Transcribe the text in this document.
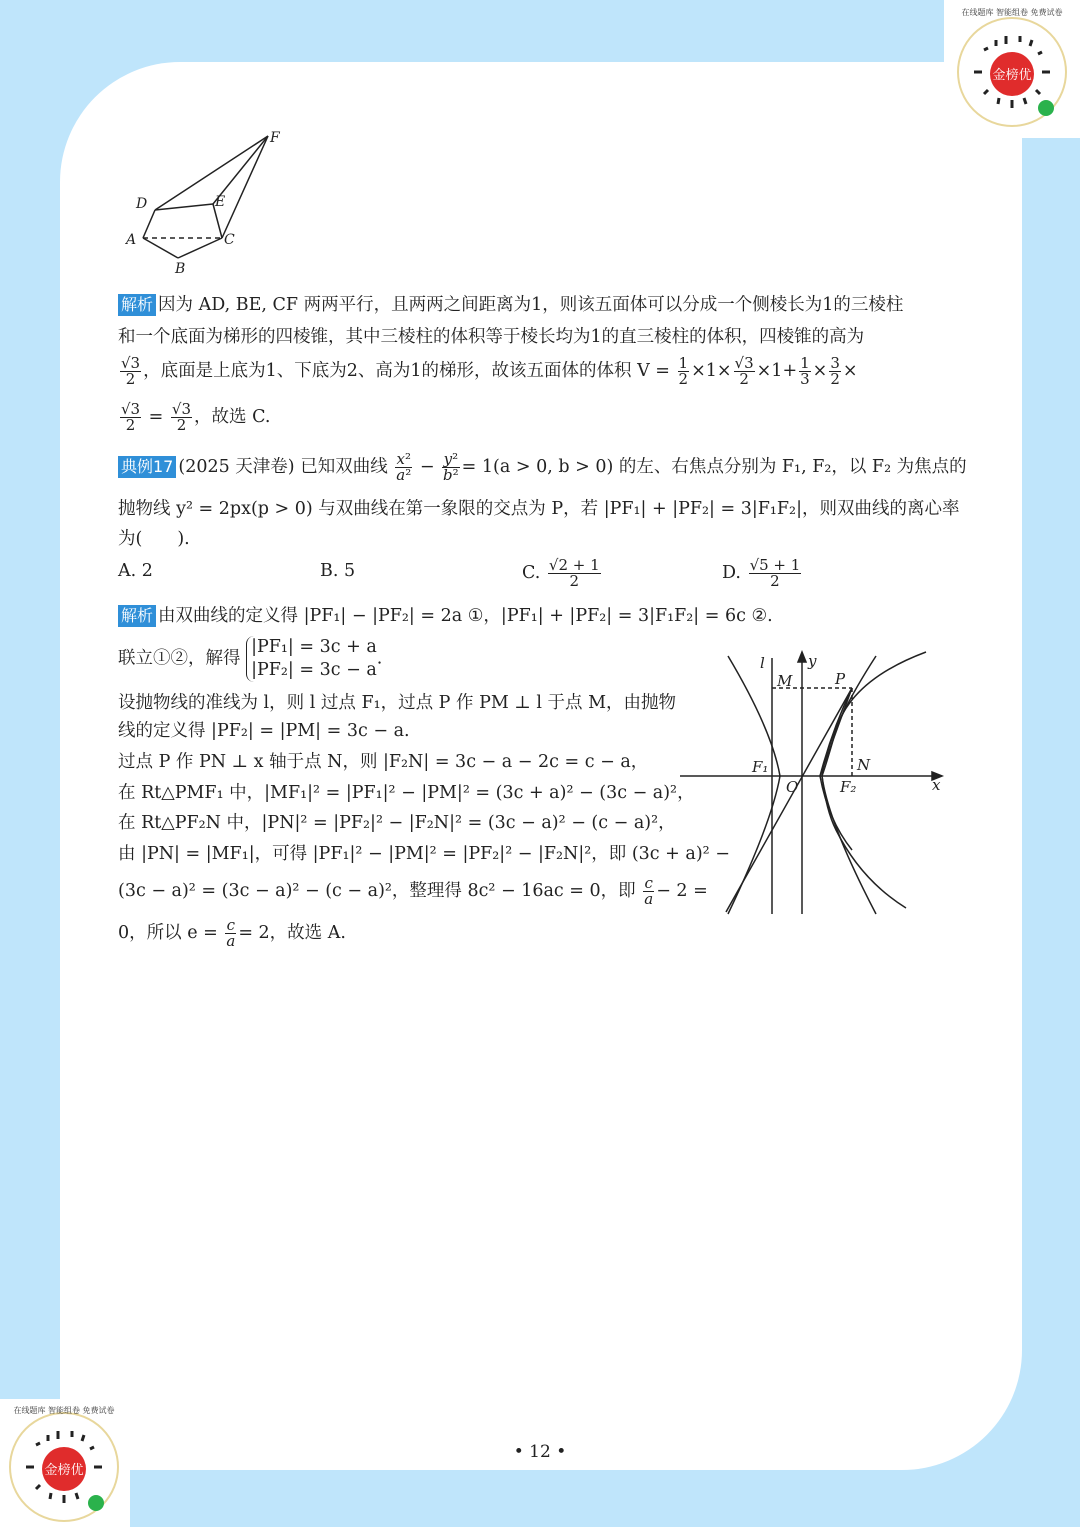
金榜优
在线题库 智能组卷 免费试卷
金榜优
在线题库 智能组卷 免费试卷
F
D	E
A	C
B
解析 因为 AD, BE, CF 两两平行，且两两之间距离为1，则该五面体可以分成一个侧棱长为1的三棱柱
和一个底面为梯形的四棱锥，其中三棱柱的体积等于棱长均为1的直三棱柱的体积，四棱锥的高为
$\frac{√3}{2}$ ，底面是上底为1、下底为2、高为1的梯形，故该五面体的体积 $V = \frac{1}{2} \times 1\times \frac{√3}{2} \times 1+ \frac{1}{3} \times \frac{3}{2}$ ×
$\frac{√3}{2} = \frac{√3}{2}$ ，故选 C.
典例17 (2025 天津卷) 已知双曲线 $\frac{\text{x²}}{\text{a²}} - \frac{\text{y²}}{\text{b²}} = 1(a > 0$, b > 0) 的左、右焦点分别为 F₁, F₂，以 F₂ 为焦点的
抛物线 y² = 2px(p > 0) 与双曲线在第一象限的交点为 P，若 |PF₁| + |PF₂| = 3|F₁F₂|，则双曲线的离心率
为(　　).
A. 2	B. 5	C. $\frac{√2 + 1}{2}$	D. $\frac{√5 + 1}{2}$
解析 由双曲线的定义得 |PF₁| − |PF₂| = 2a ①，|PF₁| + |PF₂| = 3|F₁F₂| = 6c ②.
联立①②，解得
|PF₁| = 3c + a
|PF₂| = 3c − a
.
设抛物线的准线为 l，则 l 过点 F₁，过点 P 作 PM ⊥ l 于点 M，由抛物
线的定义得 |PF₂| = |PM| = 3c − a.
过点 P 作 PN ⊥ x 轴于点 N，则 |F₂N| = 3c − a − 2c = c − a，
在 Rt△PMF₁ 中，|MF₁|² = |PF₁|² − |PM|² = (3c + a)² − (3c − a)²，
在 Rt△PF₂N 中，|PN|² = |PF₂|² − |F₂N|² = (3c − a)² − (c − a)²，
由 |PN| = |MF₁|，可得 |PF₁|² − |PM|² = |PF₂|² − |F₂N|²，即 (3c + a)² −
(3c − a)² = (3c − a)² − (c − a)²，整理得 8c² − 16ac = 0，即 $\frac{c}{a} - 2$ =
0，所以 $e = \frac{c}{a} = 2$，故选 A.
l	y
M	P
F₁
O
N
F₂	x
• 12 •
